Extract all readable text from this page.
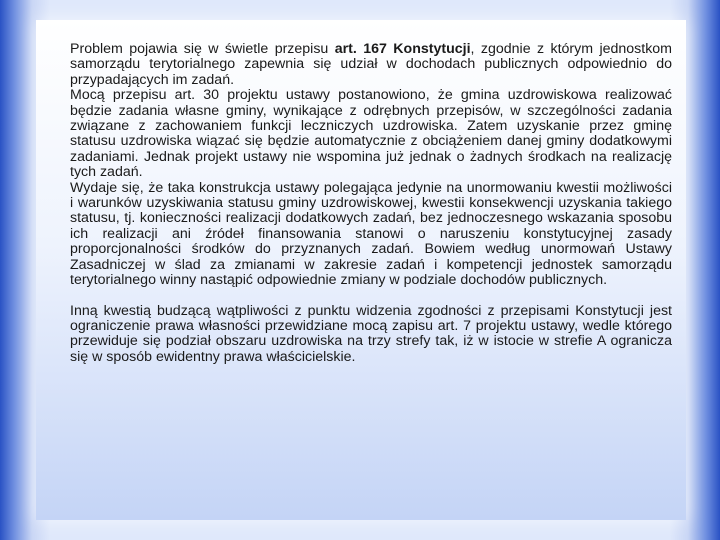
Problem pojawia się w świetle przepisu art. 167 Konstytucji, zgodnie z którym jednostkom samorządu terytorialnego zapewnia się udział w dochodach publicznych odpowiednio do przypadających im zadań.

Mocą przepisu art. 30 projektu ustawy postanowiono, że gmina uzdrowiskowa realizować będzie zadania własne gminy, wynikające z odrębnych przepisów, w szczególności zadania związane z zachowaniem funkcji leczniczych uzdrowiska. Zatem uzyskanie przez gminę statusu uzdrowiska wiązać się będzie automatycznie z obciążeniem danej gminy dodatkowymi zadaniami. Jednak projekt ustawy nie wspomina już jednak o żadnych środkach na realizację tych zadań.

Wydaje się, że taka konstrukcja ustawy polegająca jedynie na unormowaniu kwestii możliwości i warunków uzyskiwania statusu gminy uzdrowiskowej, kwestii konsekwencji uzyskania takiego statusu, tj. konieczności realizacji dodatkowych zadań, bez jednoczesnego wskazania sposobu ich realizacji ani źródeł finansowania stanowi o naruszeniu konstytucyjnej zasady proporcjonalności środków do przyznanych zadań. Bowiem według unormowań Ustawy Zasadniczej w ślad za zmianami w zakresie zadań i kompetencji jednostek samorządu terytorialnego winny nastąpić odpowiednie zmiany w podziale dochodów publicznych.

Inną kwestią budzącą wątpliwości z punktu widzenia zgodności z przepisami Konstytucji jest ograniczenie prawa własności przewidziane mocą zapisu art. 7 projektu ustawy, wedle którego przewiduje się podział obszaru uzdrowiska na trzy strefy tak, iż w istocie w strefie A ogranicza się w sposób ewidentny prawa właścicielskie.
